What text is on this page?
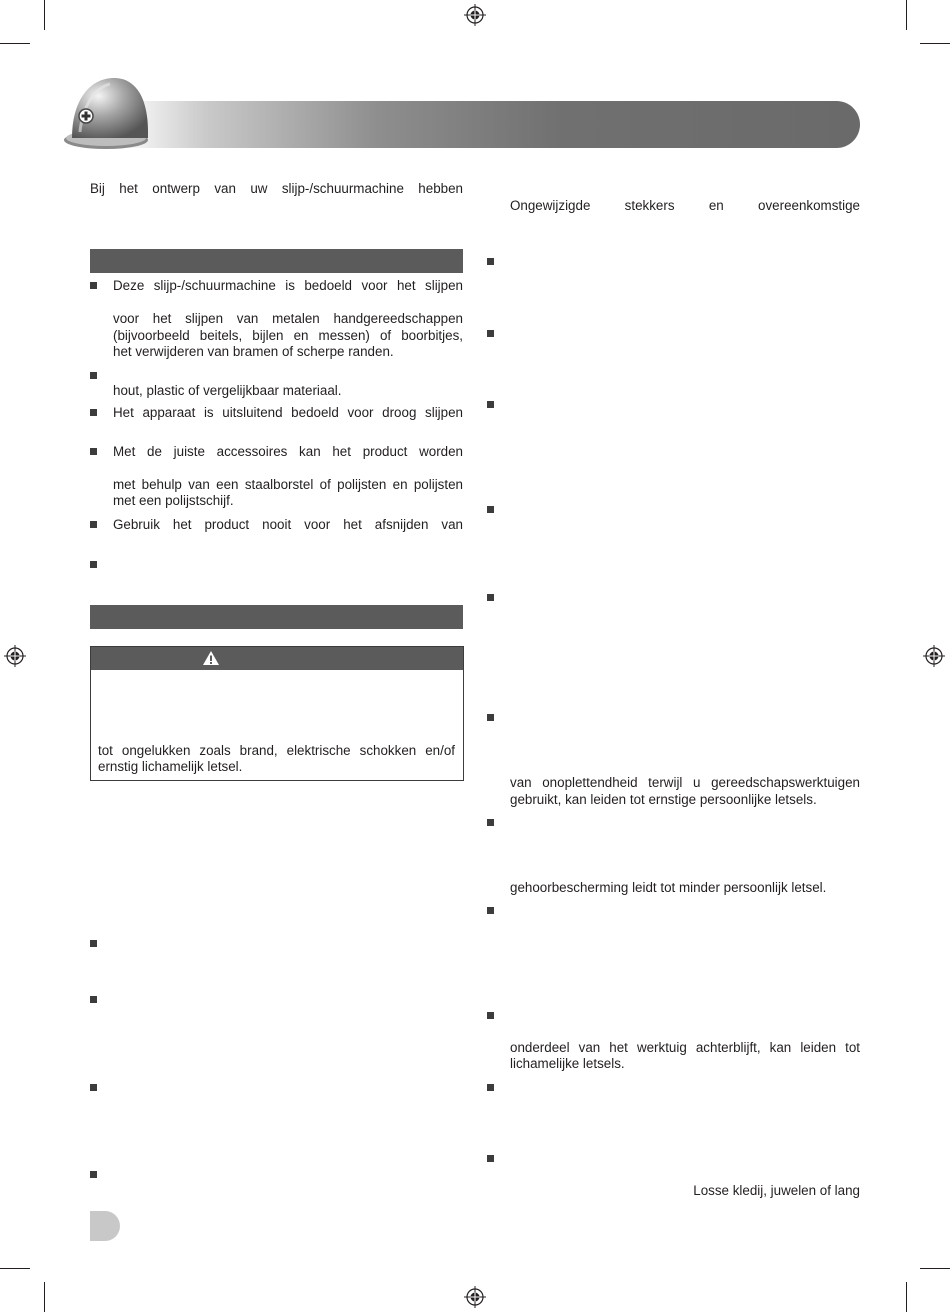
Bij het ontwerp van uw slijp-/schuurmachine hebben
Deze slijp-/schuurmachine is bedoeld voor het slijpen
voor het slijpen van metalen handgereedschappen
(bijvoorbeeld beitels, bijlen en messen) of boorbitjes,
het verwijderen van bramen of scherpe randen.
hout, plastic of vergelijkbaar materiaal.
Het apparaat is uitsluitend bedoeld voor droog slijpen
Met de juiste accessoires kan het product worden
met behulp van een staalborstel of polijsten en polijsten
met een polijstschijf.
Gebruik het product nooit voor het afsnijden van
tot ongelukken zoals brand, elektrische schokken en/of
ernstig lichamelijk letsel.
Ongewijzigde stekkers en overeenkomstige
van onoplettendheid terwijl u gereedschapswerktuigen
gebruikt, kan leiden tot ernstige persoonlijke letsels.
gehoorbescherming leidt tot minder persoonlijk letsel.
onderdeel van het werktuig achterblijft, kan leiden tot
lichamelijke letsels.
Losse kledij, juwelen of lang
